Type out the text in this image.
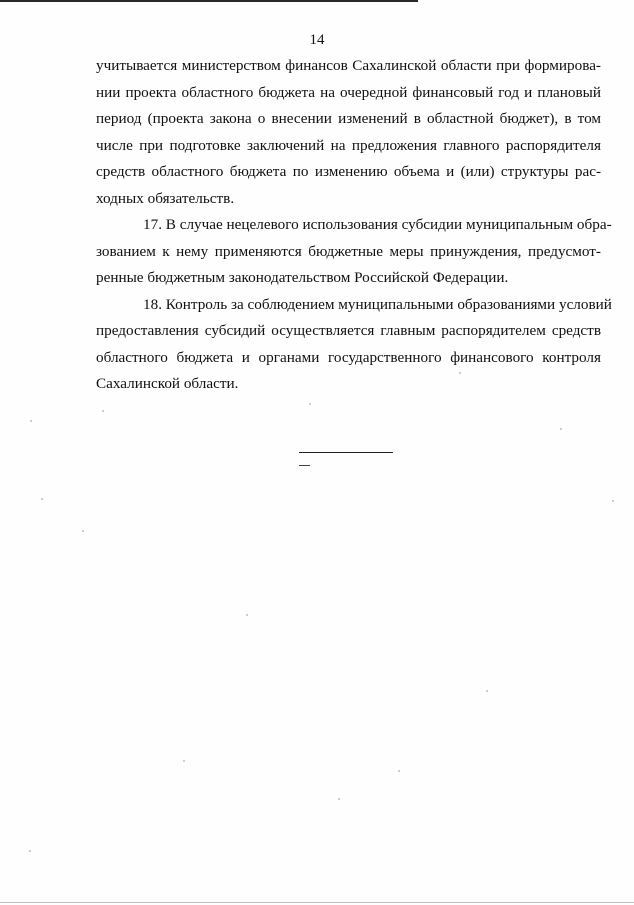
14

учитывается министерством финансов Сахалинской области при формирова-
нии проекта областного бюджета на очередной финансовый год и плановый
период (проекта закона о внесении изменений в областной бюджет), в том
числе при подготовке заключений на предложения главного распорядителя
средств областного бюджета по изменению объема и (или) структуры рас-
ходных обязательств.

17. В случае нецелевого использования субсидии муниципальным обра-
зованием к нему применяются бюджетные меры принуждения, предусмот-
ренные бюджетным законодательством Российской Федерации.

18. Контроль за соблюдением муниципальными образованиями условий
предоставления субсидий осуществляется главным распорядителем средств
областного бюджета и органами государственного финансового контроля
Сахалинской области.
